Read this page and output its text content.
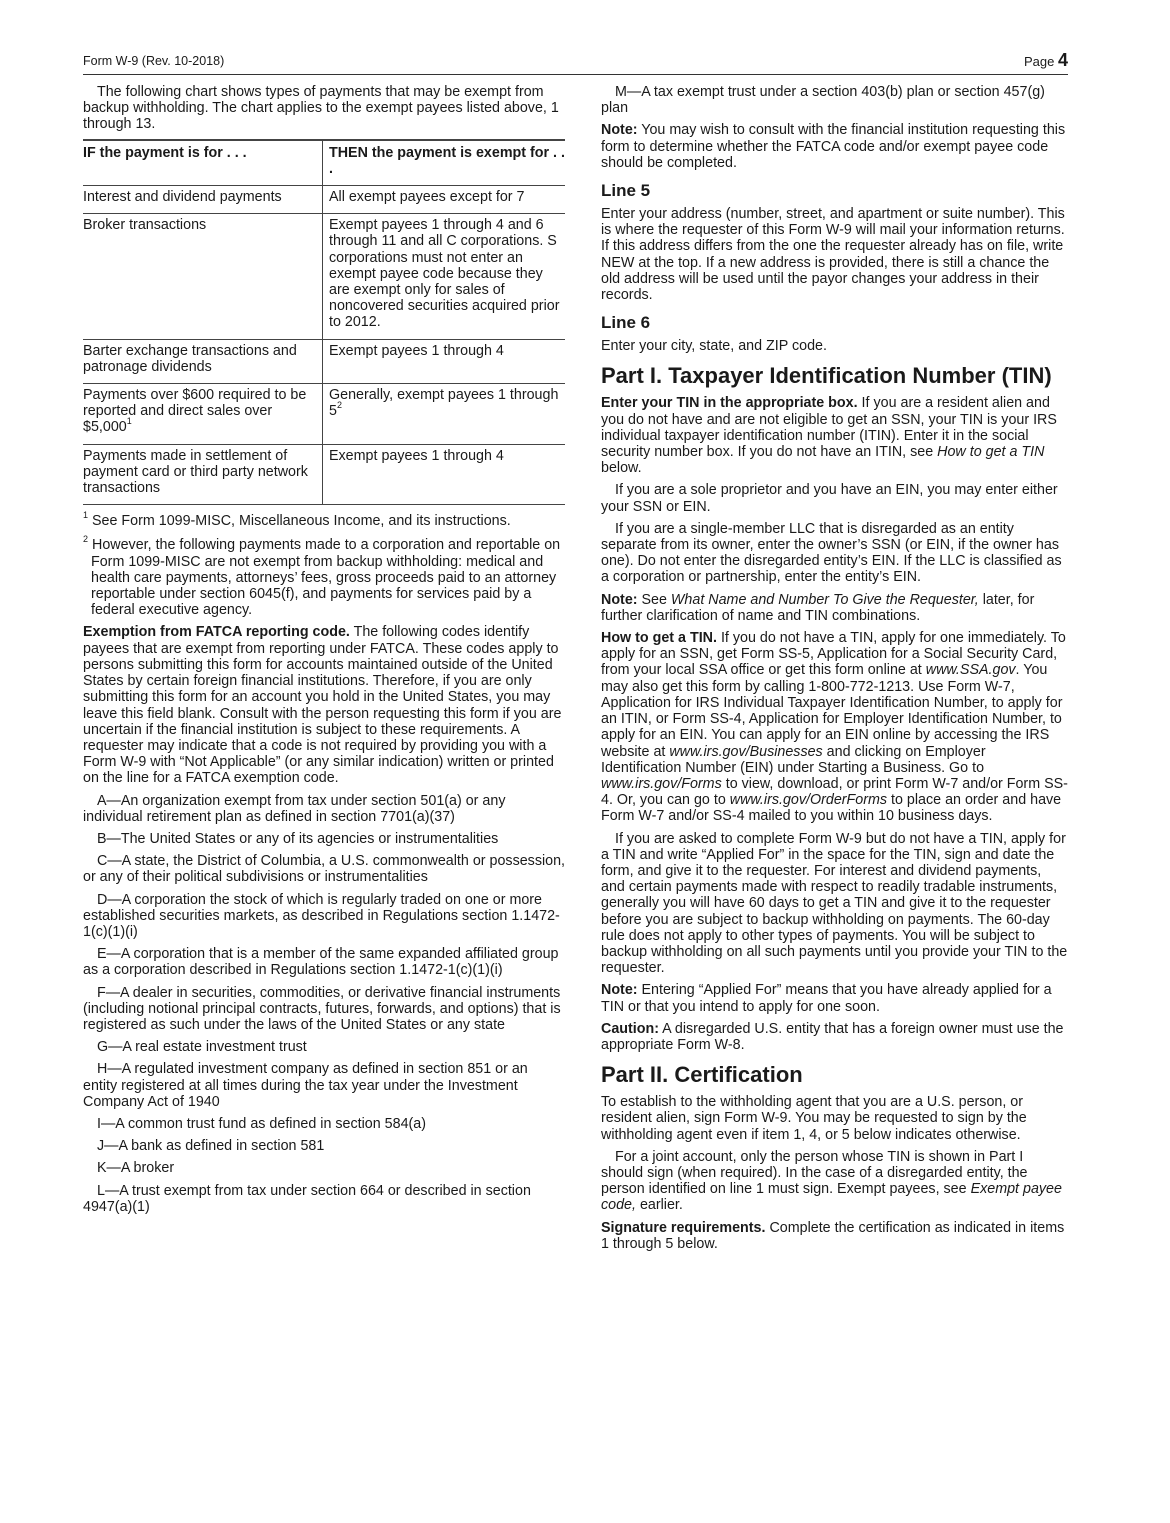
Form W-9 (Rev. 10-2018)	Page 4

The following chart shows types of payments that may be exempt from backup withholding. The chart applies to the exempt payees listed above, 1 through 13.

IF the payment is for . . .	THEN the payment is exempt for . . .
Interest and dividend payments	All exempt payees except for 7
Broker transactions	Exempt payees 1 through 4 and 6 through 11 and all C corporations. S corporations must not enter an exempt payee code because they are exempt only for sales of noncovered securities acquired prior to 2012.
Barter exchange transactions and patronage dividends	Exempt payees 1 through 4
Payments over $600 required to be reported and direct sales over $5,000$^1$	Generally, exempt payees 1 through $5^2$
Payments made in settlement of payment card or third party network transactions	Exempt payees 1 through 4

$^1$ See Form 1099-MISC, Miscellaneous Income, and its instructions.

$^2$ However, the following payments made to a corporation and reportable on Form 1099-MISC are not exempt from backup withholding: medical and health care payments, attorneys’ fees, gross proceeds paid to an attorney reportable under section 6045(f), and payments for services paid by a federal executive agency.

Exemption from FATCA reporting code. The following codes identify payees that are exempt from reporting under FATCA. These codes apply to persons submitting this form for accounts maintained outside of the United States by certain foreign financial institutions. Therefore, if you are only submitting this form for an account you hold in the United States, you may leave this field blank. Consult with the person requesting this form if you are uncertain if the financial institution is subject to these requirements. A requester may indicate that a code is not required by providing you with a Form W-9 with “Not Applicable” (or any similar indication) written or printed on the line for a FATCA exemption code.

A—An organization exempt from tax under section 501(a) or any individual retirement plan as defined in section 7701(a)(37)

B—The United States or any of its agencies or instrumentalities

C—A state, the District of Columbia, a U.S. commonwealth or possession, or any of their political subdivisions or instrumentalities

D—A corporation the stock of which is regularly traded on one or more established securities markets, as described in Regulations section 1.1472-1(c)(1)(i)

E—A corporation that is a member of the same expanded affiliated group as a corporation described in Regulations section 1.1472-1(c)(1)(i)

F—A dealer in securities, commodities, or derivative financial instruments (including notional principal contracts, futures, forwards, and options) that is registered as such under the laws of the United States or any state

G—A real estate investment trust

H—A regulated investment company as defined in section 851 or an entity registered at all times during the tax year under the Investment Company Act of 1940

I—A common trust fund as defined in section 584(a)

J—A bank as defined in section 581

K—A broker

L—A trust exempt from tax under section 664 or described in section 4947(a)(1)

M—A tax exempt trust under a section 403(b) plan or section 457(g) plan

Note: You may wish to consult with the financial institution requesting this form to determine whether the FATCA code and/or exempt payee code should be completed.

Line 5

Enter your address (number, street, and apartment or suite number). This is where the requester of this Form W-9 will mail your information returns. If this address differs from the one the requester already has on file, write NEW at the top. If a new address is provided, there is still a chance the old address will be used until the payor changes your address in their records.

Line 6

Enter your city, state, and ZIP code.

Part I. Taxpayer Identification Number (TIN)

Enter your TIN in the appropriate box. If you are a resident alien and you do not have and are not eligible to get an SSN, your TIN is your IRS individual taxpayer identification number (ITIN). Enter it in the social security number box. If you do not have an ITIN, see How to get a TIN below.

If you are a sole proprietor and you have an EIN, you may enter either your SSN or EIN.

If you are a single-member LLC that is disregarded as an entity separate from its owner, enter the owner’s SSN (or EIN, if the owner has one). Do not enter the disregarded entity’s EIN. If the LLC is classified as a corporation or partnership, enter the entity’s EIN.

Note: See What Name and Number To Give the Requester, later, for further clarification of name and TIN combinations.

How to get a TIN. If you do not have a TIN, apply for one immediately. To apply for an SSN, get Form SS-5, Application for a Social Security Card, from your local SSA office or get this form online at www.SSA.gov. You may also get this form by calling 1-800-772-1213. Use Form W-7, Application for IRS Individual Taxpayer Identification Number, to apply for an ITIN, or Form SS-4, Application for Employer Identification Number, to apply for an EIN. You can apply for an EIN online by accessing the IRS website at www.irs.gov/Businesses and clicking on Employer Identification Number (EIN) under Starting a Business. Go to www.irs.gov/Forms to view, download, or print Form W-7 and/or Form SS-4. Or, you can go to www.irs.gov/OrderForms to place an order and have Form W-7 and/or SS-4 mailed to you within 10 business days.

If you are asked to complete Form W-9 but do not have a TIN, apply for a TIN and write “Applied For” in the space for the TIN, sign and date the form, and give it to the requester. For interest and dividend payments, and certain payments made with respect to readily tradable instruments, generally you will have 60 days to get a TIN and give it to the requester before you are subject to backup withholding on payments. The 60-day rule does not apply to other types of payments. You will be subject to backup withholding on all such payments until you provide your TIN to the requester.

Note: Entering “Applied For” means that you have already applied for a TIN or that you intend to apply for one soon.

Caution: A disregarded U.S. entity that has a foreign owner must use the appropriate Form W-8.

Part II. Certification

To establish to the withholding agent that you are a U.S. person, or resident alien, sign Form W-9. You may be requested to sign by the withholding agent even if item 1, 4, or 5 below indicates otherwise.

For a joint account, only the person whose TIN is shown in Part I should sign (when required). In the case of a disregarded entity, the person identified on line 1 must sign. Exempt payees, see Exempt payee code, earlier.

Signature requirements. Complete the certification as indicated in items 1 through 5 below.
